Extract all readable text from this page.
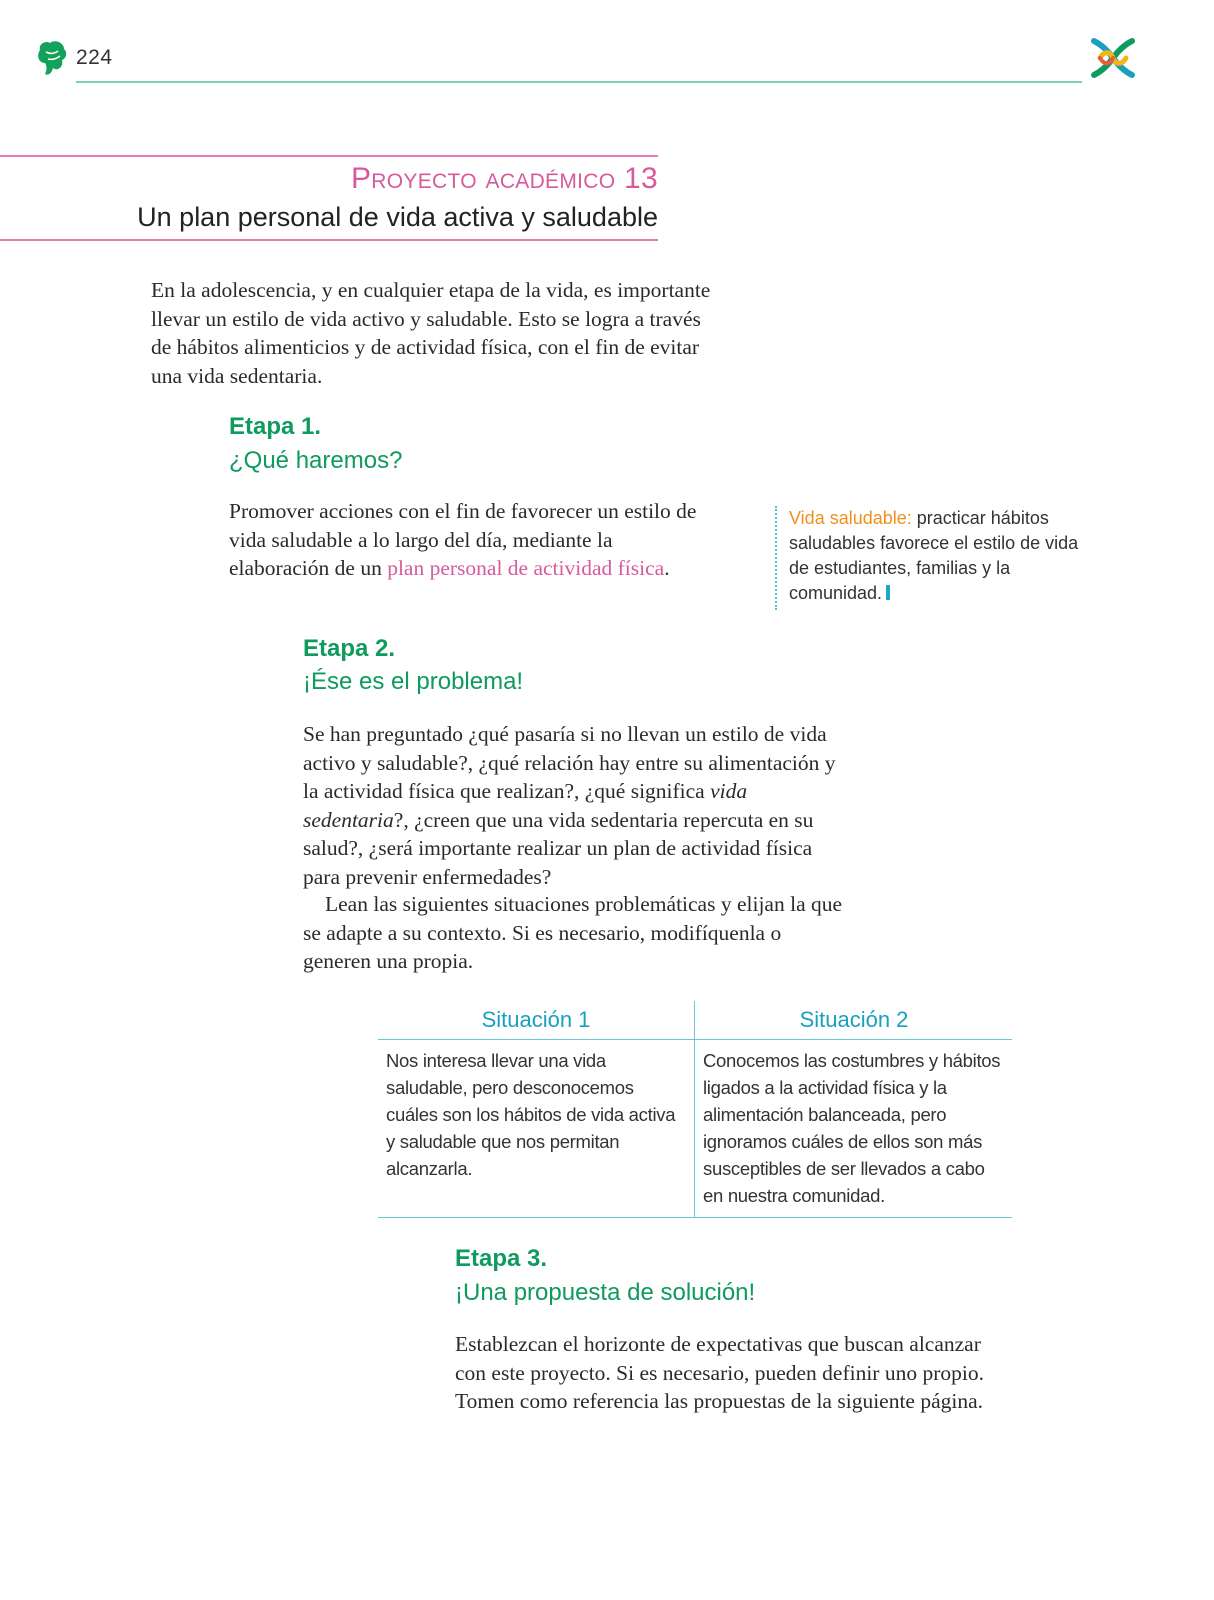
224
Proyecto académico 13
Un plan personal de vida activa y saludable

En la adolescencia, y en cualquier etapa de la vida, es importante llevar un estilo de vida activo y saludable. Esto se logra a través de hábitos alimenticios y de actividad física, con el fin de evitar una vida sedentaria.

Etapa 1.
¿Qué haremos?

Promover acciones con el fin de favorecer un estilo de vida saludable a lo largo del día, mediante la elaboración de un plan personal de actividad física.

Vida saludable: practicar hábitos saludables favorece el estilo de vida de estudiantes, familias y la comunidad.
Etapa 2.
¡Ése es el problema!

Se han preguntado ¿qué pasaría si no llevan un estilo de vida activo y saludable?, ¿qué relación hay entre su alimentación y la actividad física que realizan?, ¿qué significa vida sedentaria?, ¿creen que una vida sedentaria repercuta en su salud?, ¿será importante realizar un plan de actividad física para prevenir enfermedades?

Lean las siguientes situaciones problemáticas y elijan la que se adapte a su contexto. Si es necesario, modifíquenla o generen una propia.

Situación 1	Situación 2
Nos interesa llevar una vida saludable, pero desconocemos cuáles son los hábitos de vida activa y saludable que nos permitan alcanzarla.
Conocemos las costumbres y hábitos ligados a la actividad física y la alimentación balanceada, pero ignoramos cuáles de ellos son más susceptibles de ser llevados a cabo en nuestra comunidad.
Etapa 3.
¡Una propuesta de solución!

Establezcan el horizonte de expectativas que buscan alcanzar con este proyecto. Si es necesario, pueden definir uno propio. Tomen como referencia las propuestas de la siguiente página.
